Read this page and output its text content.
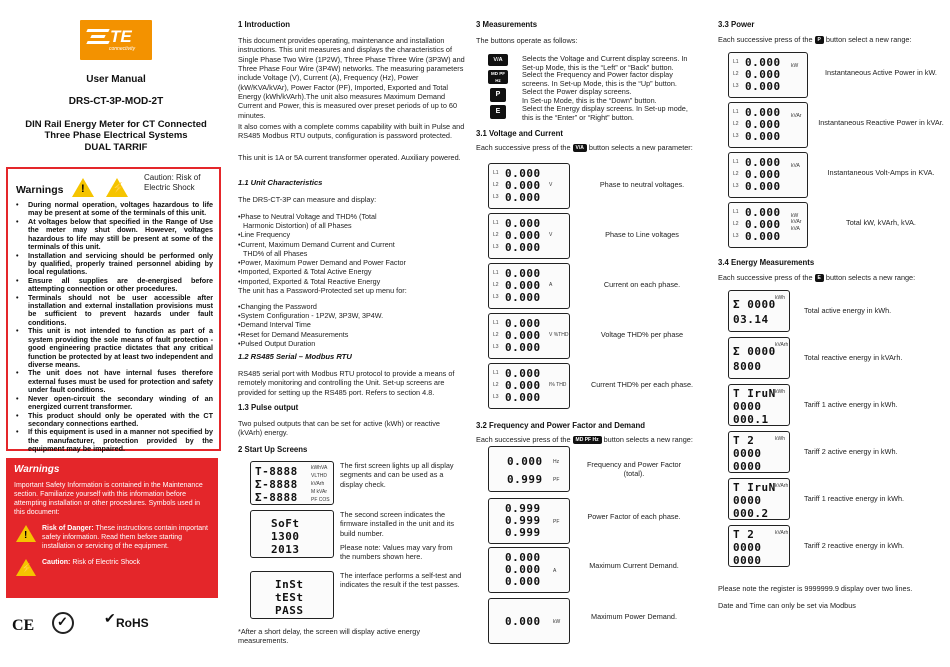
TE
connectivity
User Manual
DRS-CT-3P-MOD-2T
DIN Rail Energy Meter for CT Connected
Three Phase Electrical Systems
DUAL TARRIF
Warnings
!
⚡
Caution: Risk of
Electric Shock
• During normal operation, voltages hazardous to life may be present at some of the terminals of this unit.
• At voltages below that specified in the Range of Use the meter may shut down. However, voltages hazardous to life may still be present at some of the terminals of this unit.
• Installation and servicing should be performed only by qualified, properly trained personnel abiding by local regulations.
• Ensure all supplies are de-energised before attempting connection or other procedures.
• Terminals should not be user accessible after installation and external installation provisions must be sufficient to prevent hazards under fault conditions.
• This unit is not intended to function as part of a system providing the sole means of fault protection - good engineering practice dictates that any critical function be protected by at least two independent and diverse means.
• The unit does not have internal fuses therefore external fuses must be used for protection and safety under fault conditions.
• Never open-circuit the secondary winding of an energized current transformer.
• This product should only be operated with the CT secondary connections earthed.
• If this equipment is used in a manner not specified by the manufacturer, protection provided by the equipment may be impaired.
Warnings
Important Safety Information is contained in the Maintenance section. Familiarize yourself with this information before attempting installation or other procedures. Symbols used in this document:
!
Risk of Danger: These instructions contain important safety information. Read them before starting installation or servicing of the equipment.
⚡
Caution: Risk of Electric Shock
CE
✓	✔ RoHS
1 Introduction
This document provides operating, maintenance and installation instructions. This unit measures and displays the characteristics of Single Phase Two Wire (1P2W), Three Phase Three Wire (3P3W) and Three Phase Four Wire (3P4W) networks. The measuring parameters include Voltage (V), Current (A), Frequency (Hz), Power (kW/KVA/kVAr), Power Factor (PF), Imported, Exported and Total Energy (kWh/kVArh).The unit also measures Maximum Demand Current and Power, this is measured over preset periods of up to 60 minutes.
It also comes with a complete comms capability with built in Pulse and RS485 Modbus RTU outputs, configuration is password protected.
This unit is 1A or 5A current transformer operated. Auxiliary powered.
1.1 Unit Characteristics
The DRS-CT-3P can measure and display:
• Phase to Neutral Voltage and THD% (Total
Harmonic Distortion) of all Phases
• Line Frequency
• Current, Maximum Demand Current and Current
THD% of all Phases
• Power, Maximum Power Demand and Power Factor
• Imported, Exported & Total Active Energy
• Imported, Exported & Total Reactive Energy
The unit has a Password-Protected set up menu for:
• Changing the Password
• System Configuration - 1P2W, 3P3W, 3P4W.
• Demand Interval Time
• Reset for Demand Measurements
• Pulsed Output Duration
1.2 RS485 Serial – Modbus RTU
RS485 serial port with Modbus RTU protocol to provide a means of remotely monitoring and controlling the Unit. Set-up screens are provided for setting up the RS485 port. Refers to section 4.8.
1.3 Pulse output
Two pulsed outputs that can be set for active (kWh) or reactive (kVArh) energy.
2 Start Up Screens
T-8888
Σ-8888
Σ-8888
kWhVA
VLTHD
kVArh
M kVAr
PF COS
The first screen lights up all display segments and can be used as a display check.
SoFt
1300
2013
The second screen indicates the firmware installed in the unit and its build number.
Please note: Values may vary from the numbers shown here.
InSt
tESt
PASS
The interface performs a self-test and indicates the result if the test passes.
*After a short delay, the screen will display active energy measurements.
3 Measurements
The buttons operate as follows:
V/A	Selects the Voltage and Current display screens. In
Set-up Mode, this is the “Left” or “Back” button.
MD PF Hz
Select the Frequency and Power factor display
screens. In Set-up Mode, this is the “Up” button.
P	Select the Power display screens.
In Set-up Mode, this is the “Down” button.
E	Select the Energy display screens. In Set-up mode,
this is the “Enter” or “Right” button.
3.1 Voltage and Current
Each successive press of the V/A button selects a new parameter:
3.2 Frequency and Power Factor and Demand
Each successive press of the MD PF Hz button selects a new range:
L1 0.000
L2 0.000
L3 0.000
V	Phase to neutral voltages.
L1 0.000
L2 0.000
L3 0.000
V	Phase to Line voltages
L1 0.000
L2 0.000
L3 0.000
A	Current on each phase.
L1 0.000
L2 0.000
L3 0.000
V %THD	Voltage THD% per phase
L1 0.000
L2 0.000
L3 0.000
I% THD	Current THD% per each phase.
0.000
0.999
Hz
PF
Frequency and Power Factor (total).
0.999
0.999
0.999
PF
Power Factor of each phase.
0.000
0.000
0.000
A
Maximum Current Demand.
0.000 kW
Maximum Power Demand.
3.3 Power
Each successive press of the P button select a new range:
3.4 Energy Measurements
Each successive press of the E button selects a new range:
Please note the register is 9999999.9 display over two lines.
Date and Time can only be set via Modbus
L1 0.000
L2 0.000
L3 0.000
kW
Instantaneous Active Power in kW.
L1 0.000
L2 0.000
L3 0.000
kVAr
Instantaneous Reactive Power in kVAr.
L1 0.000
L2 0.000
L3 0.000
kVA
Instantaneous Volt-Amps in KVA.
L1 0.000
L2 0.000
L3 0.000
kW kVAr kVA
Total kW, kVArh, kVA.
Σ 0000
03.14
kWh
Total active energy in kWh.
Σ 0000
8000
kVArh
Total reactive energy in kVArh.
T IruN
0000
000.1
kWh
Tariff 1 active energy in kWh.
T 2
0000
0000
kWh
Tariff 2 active energy in kWh.
T IruN
0000
000.2
kVArh
Tariff 1 reactive energy in kWh.
T 2
0000
0000
kVArh
Tariff 2 reactive energy in kWh.
